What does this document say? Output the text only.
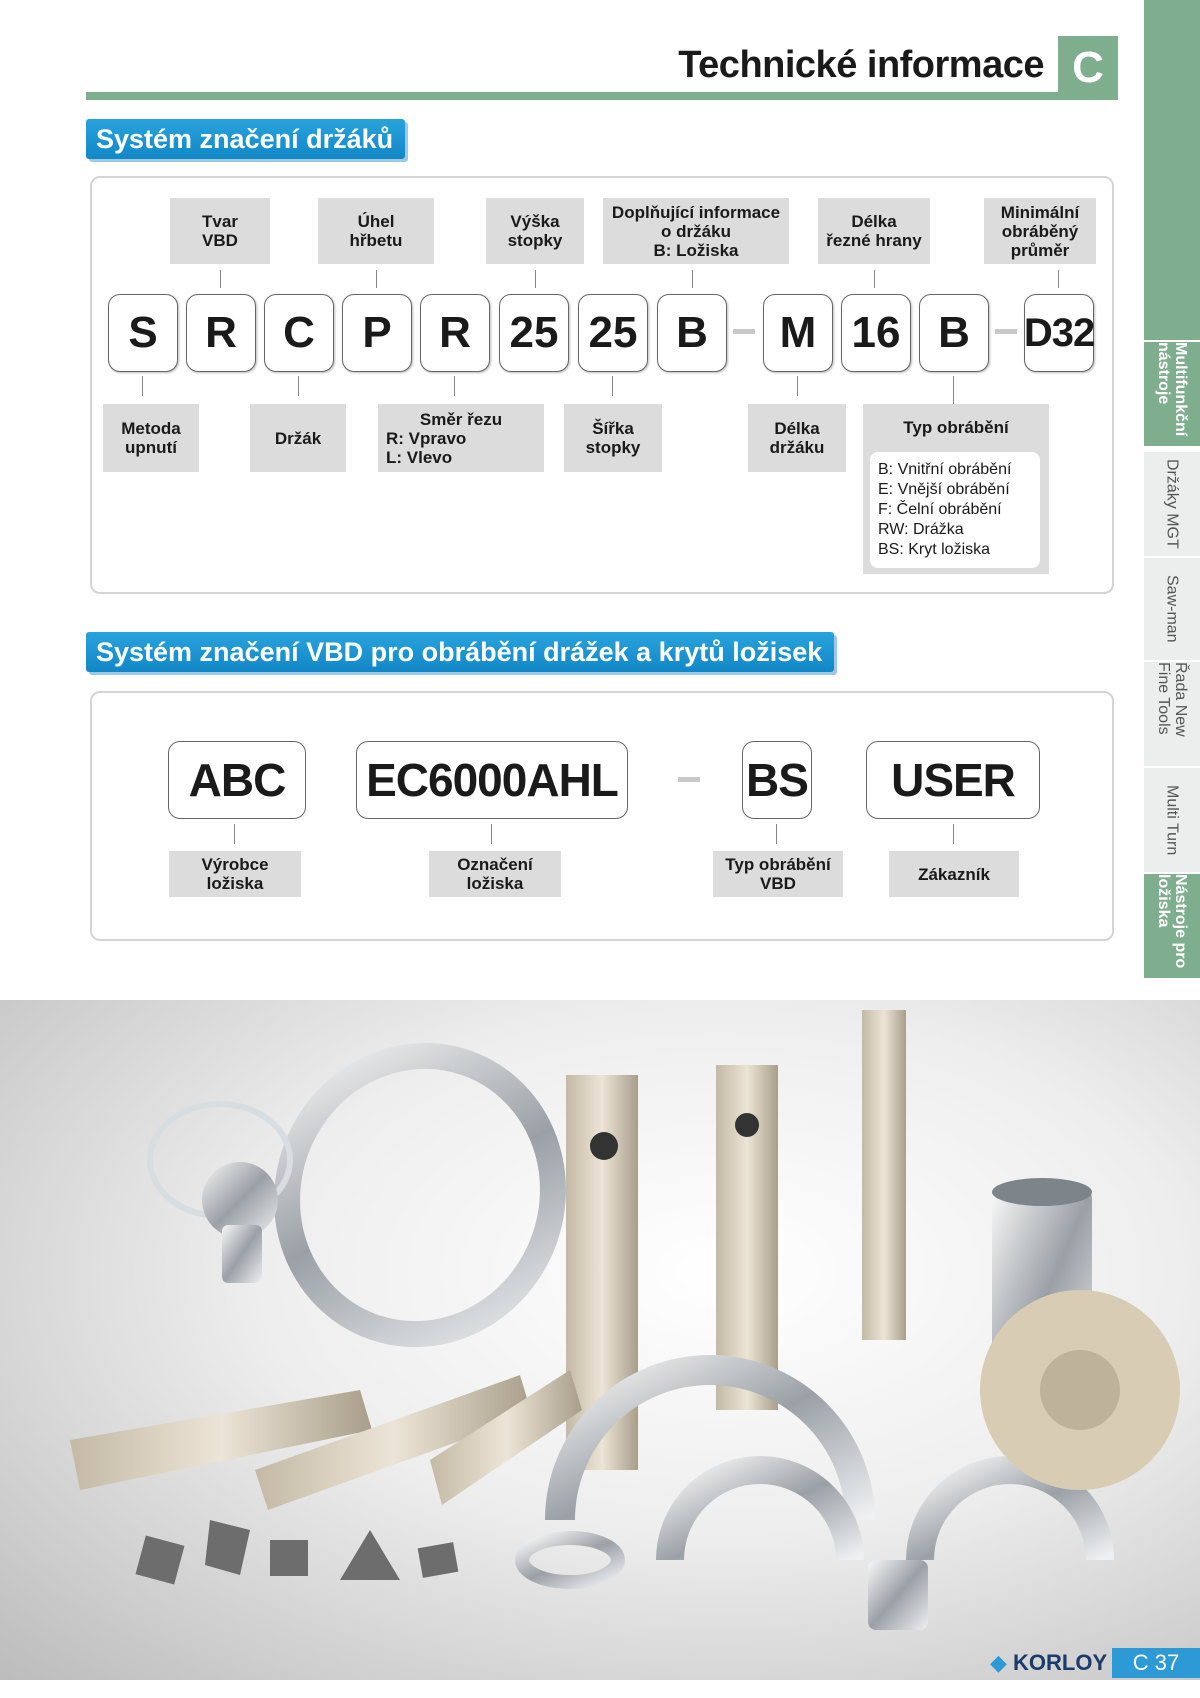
Technické informace C
Multifunkční nástroje
Držáky MGT
Saw-man
Řada New Fine Tools
Multi Turn
Nástroje pro ložiska
Systém značení držáků
Tvar
VBD
Úhel
hřbetu
Výška
stopky
Doplňující informace
o držáku
B: Ložiska
Délka
řezné hrany
Minimální
obráběný
průměr
S	R	C	P	R 25 25 B	M 16 B	D32
Metoda
upnutí	Držák
Směr řezu
R: Vpravo
L: Vlevo
Šířka
stopky
Délka
držáku
Typ obrábění
B: Vnitřní obrábění
E: Vnější obrábění
F: Čelní obrábění
RW: Drážka
BS: Kryt ložiska
Systém značení VBD pro obrábění drážek a krytů ložisek
ABC	EC6000AHL	BS	USER
Výrobce
ložiska
Označení
ložiska
Typ obrábění
VBD	Zákazník
◆ KORLOY	C 37
